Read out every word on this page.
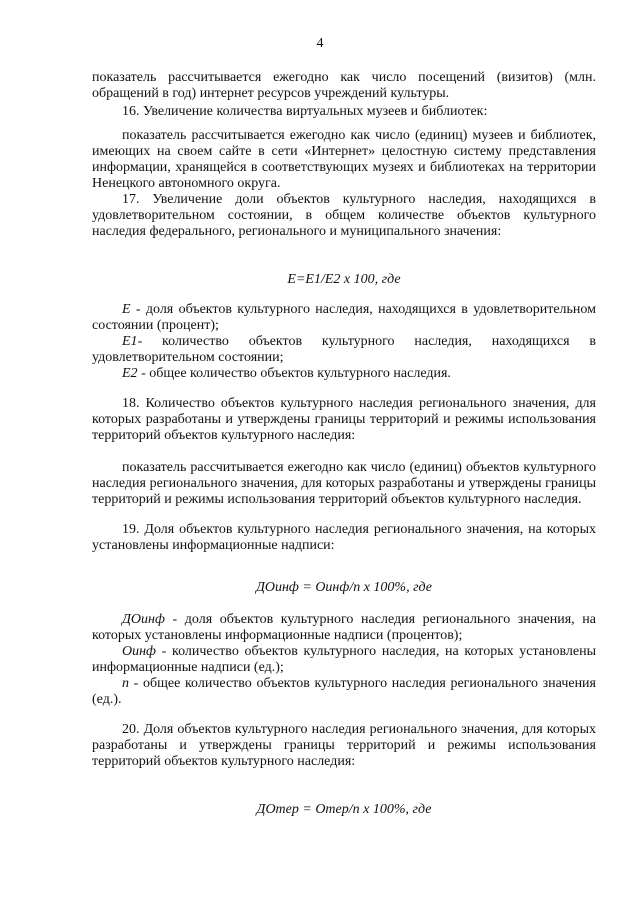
4
показатель рассчитывается ежегодно как число посещений (визитов) (млн. обращений в год) интернет ресурсов учреждений культуры.
16. Увеличение количества виртуальных музеев и библиотек:
показатель рассчитывается ежегодно как число (единиц) музеев и библиотек, имеющих на своем сайте в сети «Интернет» целостную систему представления информации, хранящейся в соответствующих музеях и библиотеках на территории Ненецкого автономного округа.
17. Увеличение доли объектов культурного наследия, находящихся в удовлетворительном состоянии, в общем количестве объектов культурного наследия федерального, регионального и муниципального значения:
E=E1/E2 x 100, где
E - доля объектов культурного наследия, находящихся в удовлетворительном состоянии (процент);
E1- количество объектов культурного наследия, находящихся в удовлетворительном состоянии;
E2 - общее количество объектов культурного наследия.
18. Количество объектов культурного наследия регионального значения, для которых разработаны и утверждены границы территорий и режимы использования территорий объектов культурного наследия:
показатель рассчитывается ежегодно как число (единиц) объектов культурного наследия регионального значения, для которых разработаны и утверждены границы территорий и режимы использования территорий объектов культурного наследия.
19. Доля объектов культурного наследия регионального значения, на которых установлены информационные надписи:
ДОинф = Оинф/n x 100%, где
ДОинф - доля объектов культурного наследия регионального значения, на которых установлены информационные надписи (процентов);
Оинф - количество объектов культурного наследия, на которых установлены информационные надписи (ед.);
n - общее количество объектов культурного наследия регионального значения (ед.).
20. Доля объектов культурного наследия регионального значения, для которых разработаны и утверждены границы территорий и режимы использования территорий объектов культурного наследия:
ДОтер = Отер/n x 100%, где
